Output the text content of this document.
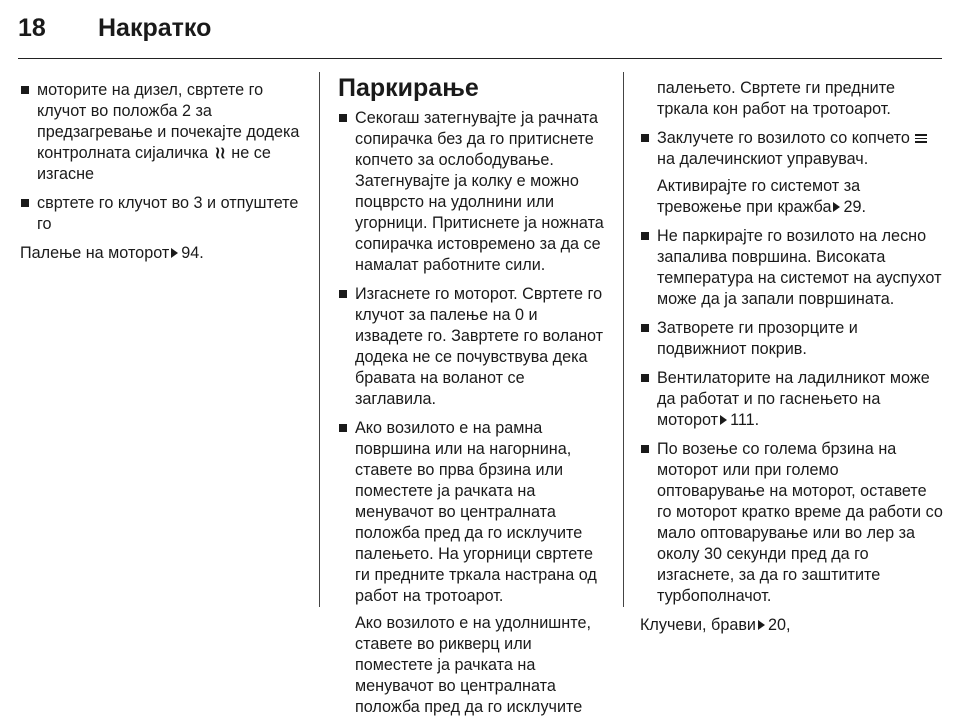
18 Накратко
моторите на дизел, свртете го клучот во положба 2 за предзагревање и почекајте додека контролната сијаличка ≀≀ не се изгасне
свртете го клучот во 3 и отпуштете го

Палење на моторот 94.

Паркирање
Секогаш затегнувајте ја рачната сопирачка без да го притиснете копчето за ослободување. Затегнувајте ја колку е можно поцврсто на удолнини или угорници. Притиснете ја ножната сопирачка истовремено за да се намалат работните сили.
Изгаснете го моторот. Свртете го клучот за палење на 0 и извадете го. Завртете го воланот додека не се почувствува дека бравата на воланот се заглавила.
Ако возилото е на рамна површина или на нагорнина, ставете во прва брзина или поместете ја рачката на менувачот во централната положба пред да го исклучите палењето. На угорници свртете ги предните тркала настрана од работ на тротоарот.

Ако возилото е на удолнишнте, ставете во рикверц или поместете ја рачката на менувачот во централната положба пред да го исклучите

палењето. Свртете ги предните тркала кон работ на тротоарот.

Заклучете го возилото со копчето  на далечинскиот управувач.

Активирајте го системот за тревожење при кражба 29.

Не паркирајте го возилото на лесно запалива површина. Високата температура на системот на ауспухот може да ја запали површината.
Затворете ги прозорците и подвижниот покрив.
Вентилаторите на ладилникот може да работат и по гаснењето на моторот 111.
По возење со голема брзина на моторот или при големо оптоварување на моторот, оставете го моторот кратко време да работи со мало оптоварување или во лер за околу 30 секунди пред да го изгаснете, за да го заштитите турбополначот.

Клучеви, брави 20,
